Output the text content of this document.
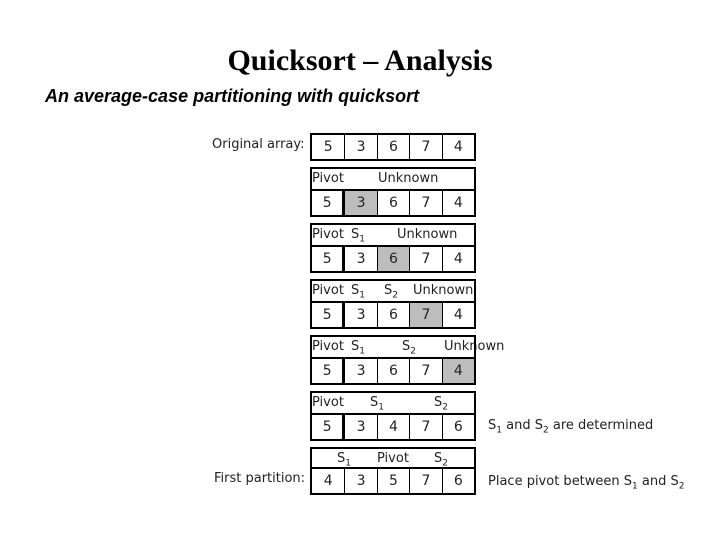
Quicksort – Analysis
An average-case partitioning with quicksort
Original array:
First partition:
5	3	6	7	4
Pivot	Unknown
5	3	6	7	4
Pivot $S_1$ Unknown
5	3	6	7	4
Pivot $S_1$ $S_2$ Unknown
5	3	6	7	4
Pivot $S_1$	$S_2$ Unknown
5	3	6	7	4
Pivot $S_1$	$S_2$
5	3	4	7	6	$S_1$ and $S_2$ are determined
$S_1$ Pivot $S_2$
4	3	5	7	6	Place pivot between $S_1$ and $S_2$
